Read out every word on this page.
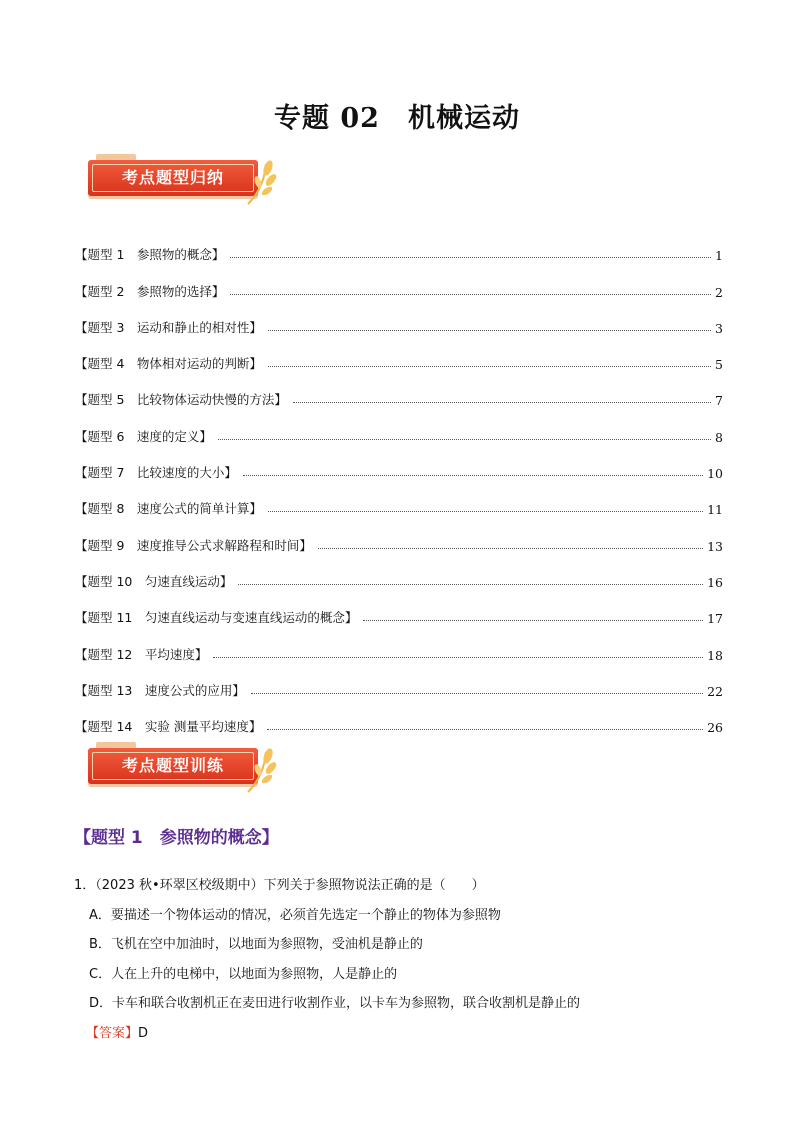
专题 02 机械运动
考点题型归纳
【题型 1　参照物的概念】	1
【题型 2　参照物的选择】	2
【题型 3　运动和静止的相对性】	3
【题型 4　物体相对运动的判断】	5
【题型 5　比较物体运动快慢的方法】	7
【题型 6　速度的定义】	8
【题型 7　比较速度的大小】	10
【题型 8　速度公式的简单计算】	11
【题型 9　速度推导公式求解路程和时间】	13
【题型 10　匀速直线运动】	16
【题型 11　匀速直线运动与变速直线运动的概念】	17
【题型 12　平均速度】	18
【题型 13　速度公式的应用】	22
【题型 14　实验 测量平均速度】	26
考点题型训练
【题型 1　参照物的概念】
1．（2023 秋•环翠区校级期中）下列关于参照物说法正确的是（　　）
A．要描述一个物体运动的情况，必须首先选定一个静止的物体为参照物
B．飞机在空中加油时，以地面为参照物，受油机是静止的
C．人在上升的电梯中，以地面为参照物，人是静止的
D．卡车和联合收割机正在麦田进行收割作业，以卡车为参照物，联合收割机是静止的
【答案】D
